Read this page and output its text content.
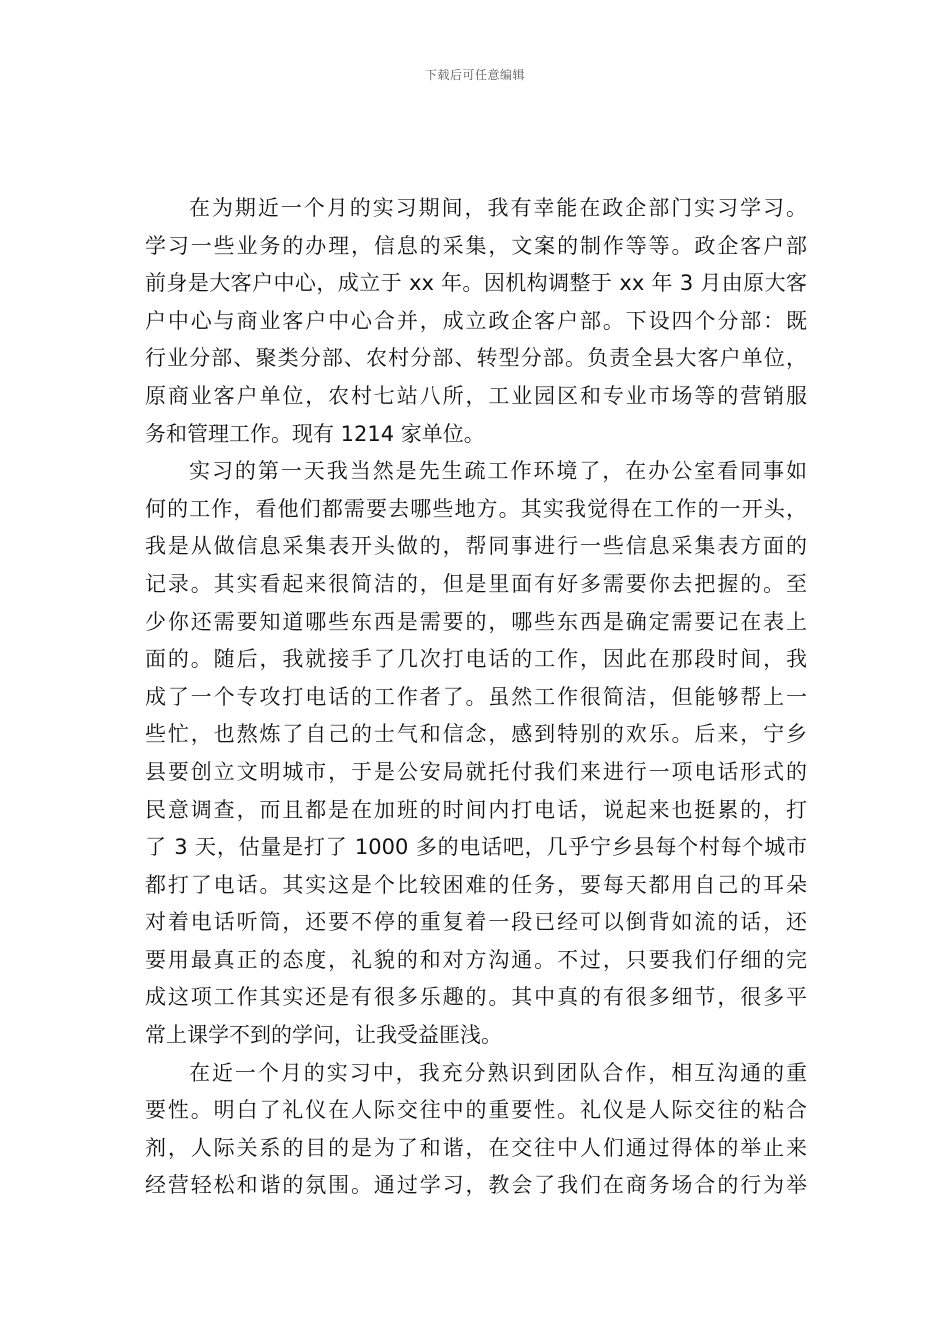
下载后可任意编辑
在为期近一个月的实习期间，我有幸能在政企部门实习学习。
学习一些业务的办理，信息的采集，文案的制作等等。政企客户部
前身是大客户中心，成立于 xx 年。因机构调整于 xx 年 3 月由原大客
户中心与商业客户中心合并，成立政企客户部。下设四个分部：既
行业分部、聚类分部、农村分部、转型分部。负责全县大客户单位，
原商业客户单位，农村七站八所，工业园区和专业市场等的营销服
务和管理工作。现有 1214 家单位。
实习的第一天我当然是先生疏工作环境了，在办公室看同事如
何的工作，看他们都需要去哪些地方。其实我觉得在工作的一开头，
我是从做信息采集表开头做的，帮同事进行一些信息采集表方面的
记录。其实看起来很简洁的，但是里面有好多需要你去把握的。至
少你还需要知道哪些东西是需要的，哪些东西是确定需要记在表上
面的。随后，我就接手了几次打电话的工作，因此在那段时间，我
成了一个专攻打电话的工作者了。虽然工作很简洁，但能够帮上一
些忙，也熬炼了自己的士气和信念，感到特别的欢乐。后来，宁乡
县要创立文明城市，于是公安局就托付我们来进行一项电话形式的
民意调查，而且都是在加班的时间内打电话，说起来也挺累的，打
了 3 天，估量是打了 1000 多的电话吧，几乎宁乡县每个村每个城市
都打了电话。其实这是个比较困难的任务，要每天都用自己的耳朵
对着电话听筒，还要不停的重复着一段已经可以倒背如流的话，还
要用最真正的态度，礼貌的和对方沟通。不过，只要我们仔细的完
成这项工作其实还是有很多乐趣的。其中真的有很多细节，很多平
常上课学不到的学问，让我受益匪浅。
在近一个月的实习中，我充分熟识到团队合作，相互沟通的重
要性。明白了礼仪在人际交往中的重要性。礼仪是人际交往的粘合
剂，人际关系的目的是为了和谐，在交往中人们通过得体的举止来
经营轻松和谐的氛围。通过学习，教会了我们在商务场合的行为举
